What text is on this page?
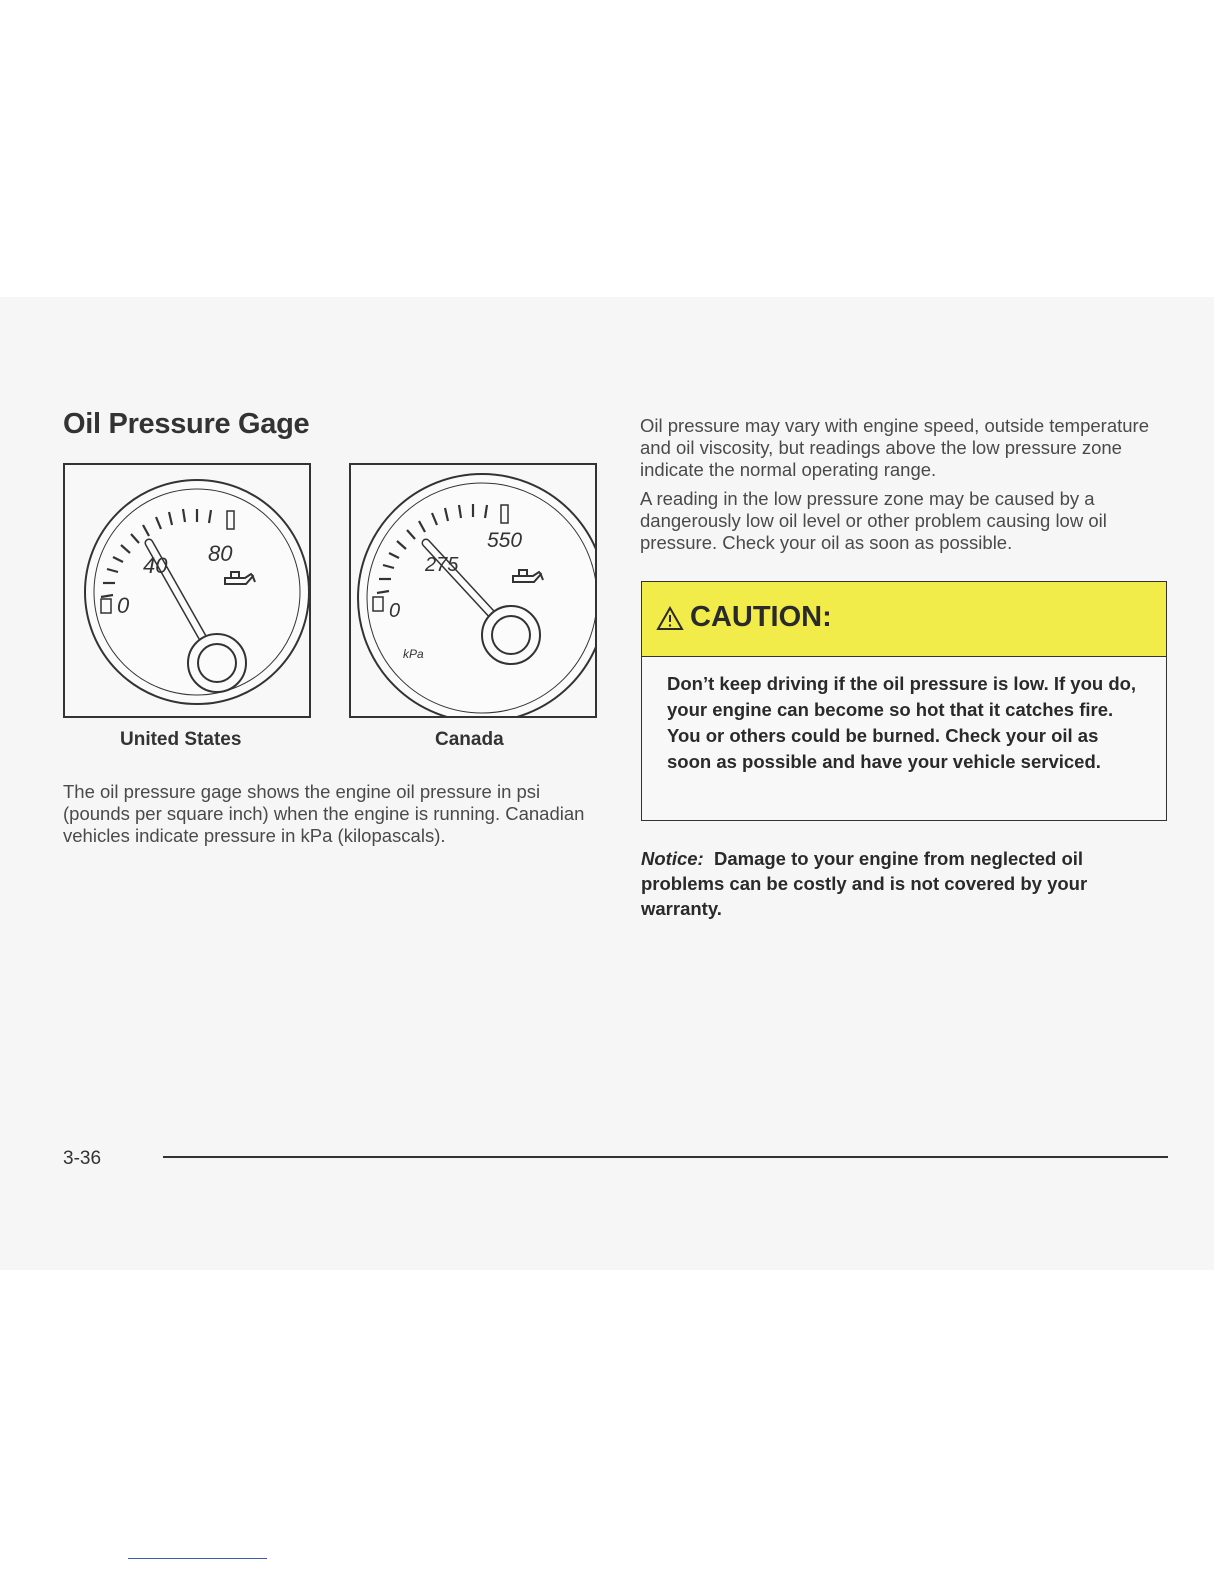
Oil Pressure Gage
0
40 80
0
275
550
kPa
United States	Canada
The oil pressure gage shows the engine oil pressure in psi (pounds per square inch) when the engine is running. Canadian vehicles indicate pressure in kPa (kilopascals).
Oil pressure may vary with engine speed, outside temperature and oil viscosity, but readings above the low pressure zone indicate the normal operating range.
A reading in the low pressure zone may be caused by a dangerously low oil level or other problem causing low oil pressure. Check your oil as soon as possible.
CAUTION:
Don’t keep driving if the oil pressure is low. If you do, your engine can become so hot that it catches fire. You or others could be burned. Check your oil as soon as possible and have your vehicle serviced.
Notice: Damage to your engine from neglected oil problems can be costly and is not covered by your warranty.
3-36
